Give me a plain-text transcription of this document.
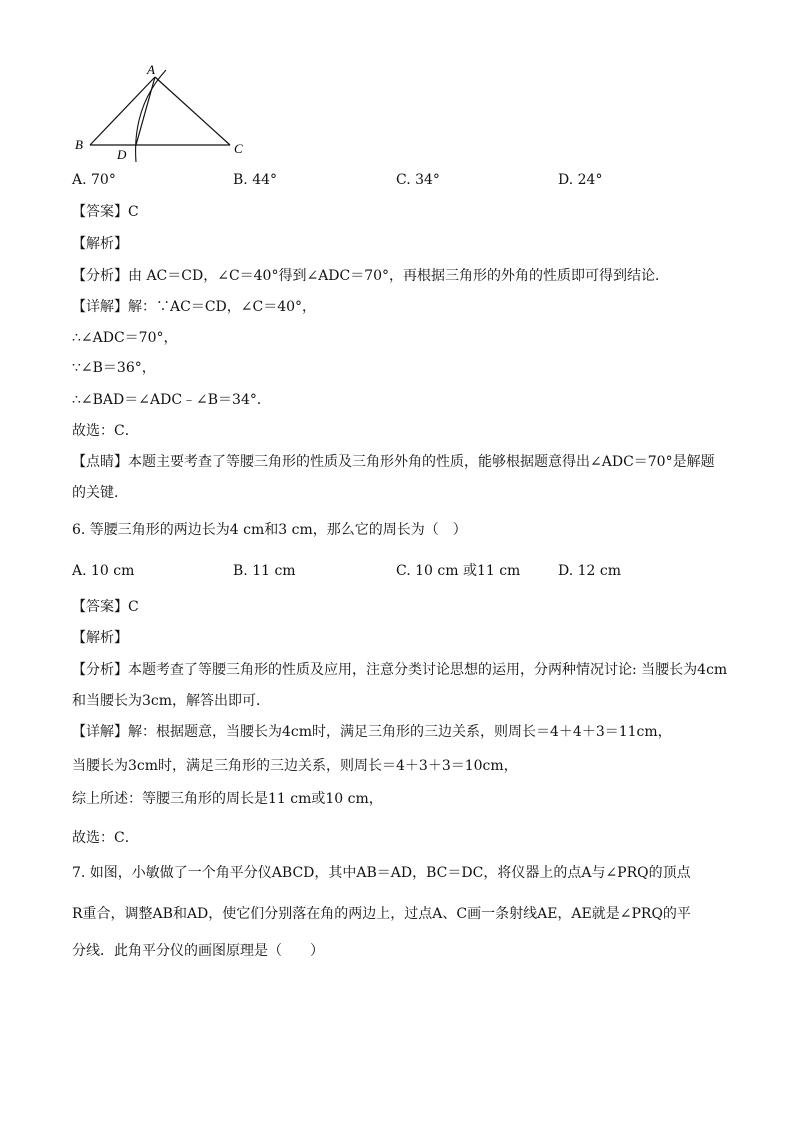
A
B	C
D
A. 70°	B. 44°	C. 34°	D. 24°
【答案】C
【解析】
【分析】由 AC＝CD，∠C＝40°得到∠ADC＝70°，再根据三角形的外角的性质即可得到结论．
【详解】解：∵AC＝CD，∠C＝40°，
∴∠ADC＝70°，
∵∠B＝36°，
∴∠BAD＝∠ADC﹣∠B＝34°．
故选：C．
【点睛】本题主要考查了等腰三角形的性质及三角形外角的性质，能够根据题意得出∠ADC＝70°是解题
的关键.
6. 等腰三角形的两边长为4 cm和3 cm，那么它的周长为（　）
A. 10 cm	B. 11 cm	C. 10 cm 或11 cm	D. 12 cm
【答案】C
【解析】
【分析】本题考查了等腰三角形的性质及应用，注意分类讨论思想的运用，分两种情况讨论: 当腰长为4cm
和当腰长为3cm，解答出即可．
【详解】解：根据题意，当腰长为4cm时，满足三角形的三边关系，则周长＝4＋4＋3＝11cm，
当腰长为3cm时，满足三角形的三边关系，则周长＝4＋3＋3＝10cm，
综上所述：等腰三角形的周长是11 cm或10 cm，
故选：C．
7. 如图，小敏做了一个角平分仪ABCD，其中AB＝AD，BC＝DC，将仪器上的点A与∠PRQ的顶点
R重合，调整AB和AD，使它们分别落在角的两边上，过点A、C画一条射线AE，AE就是∠PRQ的平
分线．此角平分仪的画图原理是（　　）
